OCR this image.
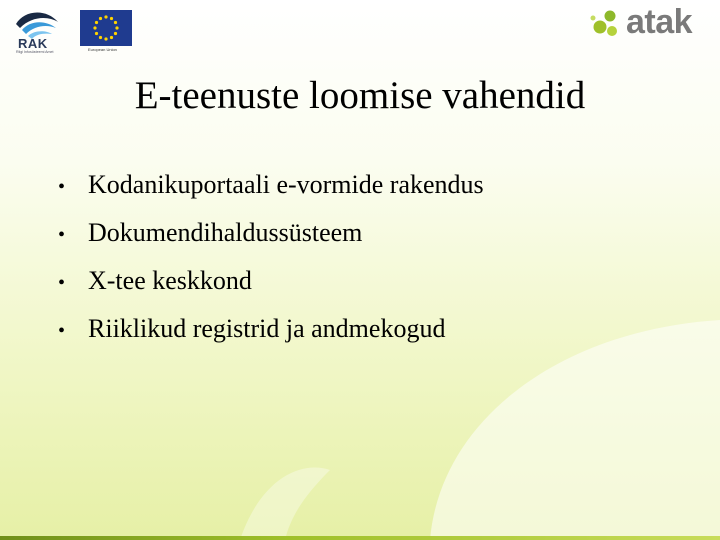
RAK
Riigi Infosüsteemi Amet	European Union
atak
E-teenuste loomise vahendid
• Kodanikuportaali e-vormide rakendus
• Dokumendihaldussüsteem
• X-tee keskkond
• Riiklikud registrid ja andmekogud
